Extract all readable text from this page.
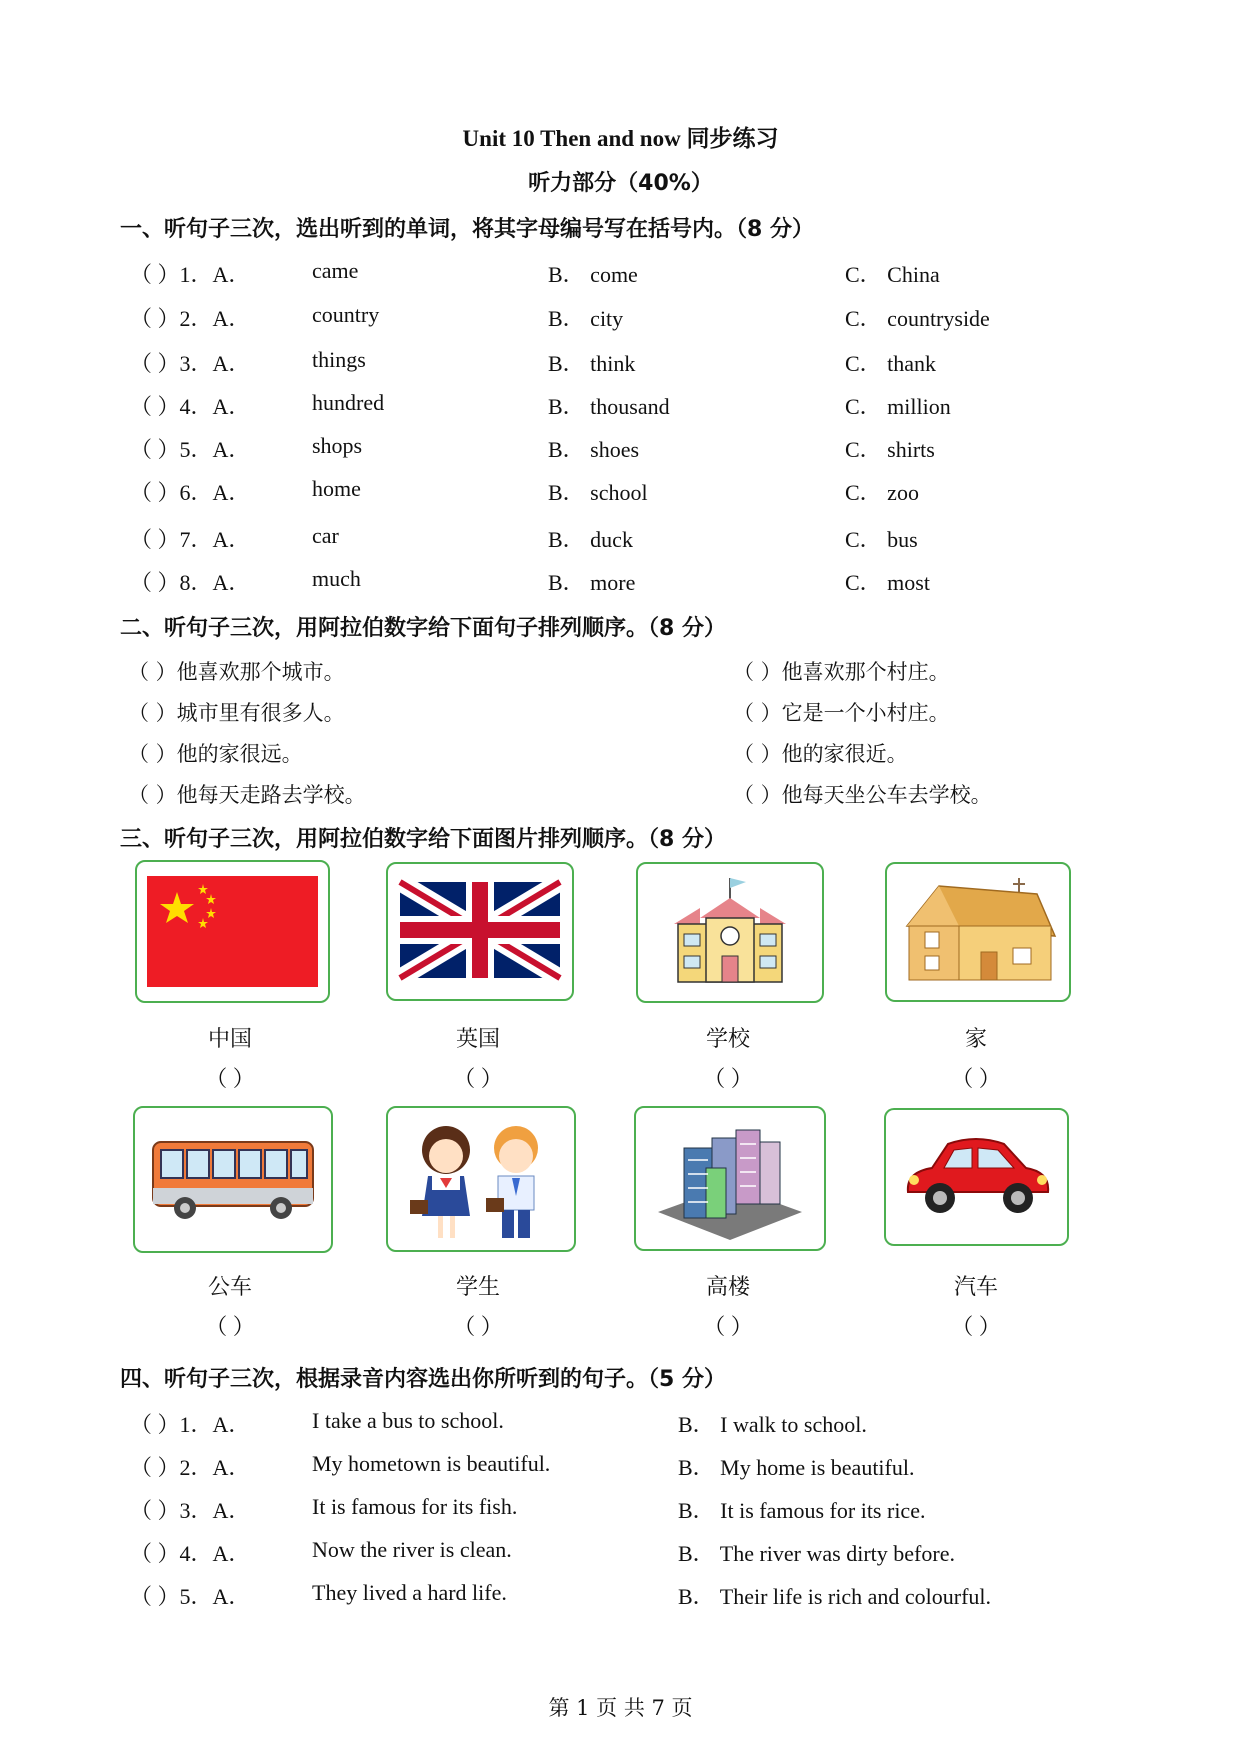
Unit 10 Then and now 同步练习
听力部分（40%）
一、听句子三次，选出听到的单词，将其字母编号写在括号内。（8 分）
（ ）1．A．	came	B． come	C． China
（ ）2．A．	country	B． city	C． countryside
（ ）3．A．	things	B． think	C． thank
（ ）4．A．	hundred	B． thousand	C． million
（ ）5．A．	shops	B． shoes	C． shirts
（ ）6．A．	home	B． school	C． zoo
（ ）7．A．	car	B． duck	C． bus
（ ）8．A．	much	B． more	C． most
二、听句子三次，用阿拉伯数字给下面句子排列顺序。（8 分）
（ ）他喜欢那个城市。
（ ）城市里有很多人。
（ ）他的家很远。
（ ）他每天走路去学校。
（ ）他喜欢那个村庄。
（ ）它是一个小村庄。
（ ）他的家很近。
（ ）他每天坐公车去学校。
三、听句子三次，用阿拉伯数字给下面图片排列顺序。（8 分）
中国	英国	学校	家
（ ）	（ ）	（ ）	（ ）
公车	学生	高楼	汽车
（ ）	（ ）	（ ）	（ ）
四、听句子三次，根据录音内容选出你所听到的句子。（5 分）
（ ）1．A．	I take a bus to school.	B． I walk to school.
（ ）2．A．	My hometown is beautiful.	B． My home is beautiful.
（ ）3．A．	It is famous for its fish.	B． It is famous for its rice.
（ ）4．A．	Now the river is clean.	B． The river was dirty before.
（ ）5．A．	They lived a hard life.	B． Their life is rich and colourful.
第 1 页 共 7 页
